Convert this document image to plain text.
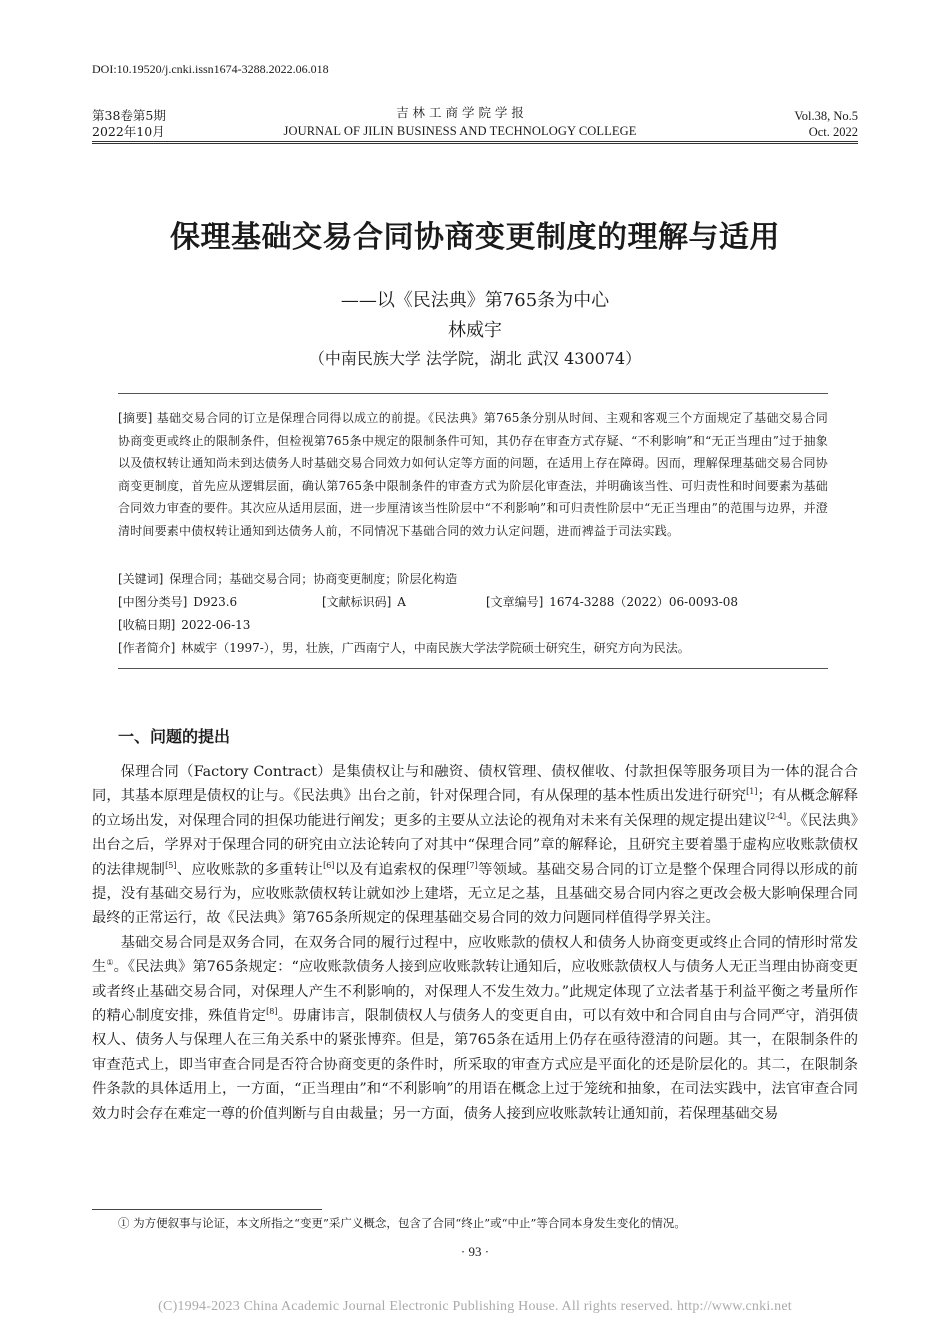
DOI:10.19520/j.cnki.issn1674-3288.2022.06.018
第38卷第5期
2022年10月
吉 林 工 商 学 院 学 报
JOURNAL OF JILIN BUSINESS AND TECHNOLOGY COLLEGE
Vol.38, No.5
Oct. 2022
保理基础交易合同协商变更制度的理解与适用
——以《民法典》第765条为中心
林威宇
（中南民族大学 法学院，湖北 武汉 430074）
[摘要] 基础交易合同的订立是保理合同得以成立的前提。《民法典》第765条分别从时间、主观和客观三个方面规定了基础交易合同协商变更或终止的限制条件，但检视第765条中规定的限制条件可知，其仍存在审查方式存疑、“不利影响”和“无正当理由”过于抽象以及债权转让通知尚未到达债务人时基础交易合同效力如何认定等方面的问题，在适用上存在障碍。因而，理解保理基础交易合同协商变更制度，首先应从逻辑层面，确认第765条中限制条件的审查方式为阶层化审查法，并明确该当性、可归责性和时间要素为基础合同效力审查的要件。其次应从适用层面，进一步厘清该当性阶层中“不利影响”和可归责性阶层中“无正当理由”的范围与边界，并澄清时间要素中债权转让通知到达债务人前，不同情况下基础合同的效力认定问题，进而裨益于司法实践。
[关键词] 保理合同；基础交易合同；协商变更制度；阶层化构造
[中图分类号] D923.6	[文献标识码] A	[文章编号] 1674-3288（2022）06-0093-08
[收稿日期] 2022-06-13
[作者简介] 林威宇（1997-），男，壮族，广西南宁人，中南民族大学法学院硕士研究生，研究方向为民法。
一、问题的提出

保理合同（Factory Contract）是集债权让与和融资、债权管理、债权催收、付款担保等服务项目为一体的混合合同，其基本原理是债权的让与。《民法典》出台之前，针对保理合同，有从保理的基本性质出发进行研究[1]；有从概念解释的立场出发，对保理合同的担保功能进行阐发；更多的主要从立法论的视角对未来有关保理的规定提出建议[2-4]。《民法典》出台之后，学界对于保理合同的研究由立法论转向了对其中“保理合同”章的解释论，且研究主要着墨于虚构应收账款债权的法律规制[5]、应收账款的多重转让[6]以及有追索权的保理[7]等领域。基础交易合同的订立是整个保理合同得以形成的前提，没有基础交易行为，应收账款债权转让就如沙上建塔，无立足之基，且基础交易合同内容之更改会极大影响保理合同最终的正常运行，故《民法典》第765条所规定的保理基础交易合同的效力问题同样值得学界关注。

基础交易合同是双务合同，在双务合同的履行过程中，应收账款的债权人和债务人协商变更或终止合同的情形时常发生①。《民法典》第765条规定：“应收账款债务人接到应收账款转让通知后，应收账款债权人与债务人无正当理由协商变更或者终止基础交易合同，对保理人产生不利影响的，对保理人不发生效力。”此规定体现了立法者基于利益平衡之考量所作的精心制度安排，殊值肯定[8]。毋庸讳言，限制债权人与债务人的变更自由，可以有效中和合同自由与合同严守，消弭债权人、债务人与保理人在三角关系中的紧张博弈。但是，第765条在适用上仍存在亟待澄清的问题。其一，在限制条件的审查范式上，即当审查合同是否符合协商变更的条件时，所采取的审查方式应是平面化的还是阶层化的。其二，在限制条件条款的具体适用上，一方面，“正当理由”和“不利影响”的用语在概念上过于笼统和抽象，在司法实践中，法官审查合同效力时会存在难定一尊的价值判断与自由裁量；另一方面，债务人接到应收账款转让通知前，若保理基础交易

① 为方便叙事与论证，本文所指之“变更”采广义概念，包含了合同“终止”或“中止”等合同本身发生变化的情况。
· 93 ·
(C)1994-2023 China Academic Journal Electronic Publishing House. All rights reserved. http://www.cnki.net
